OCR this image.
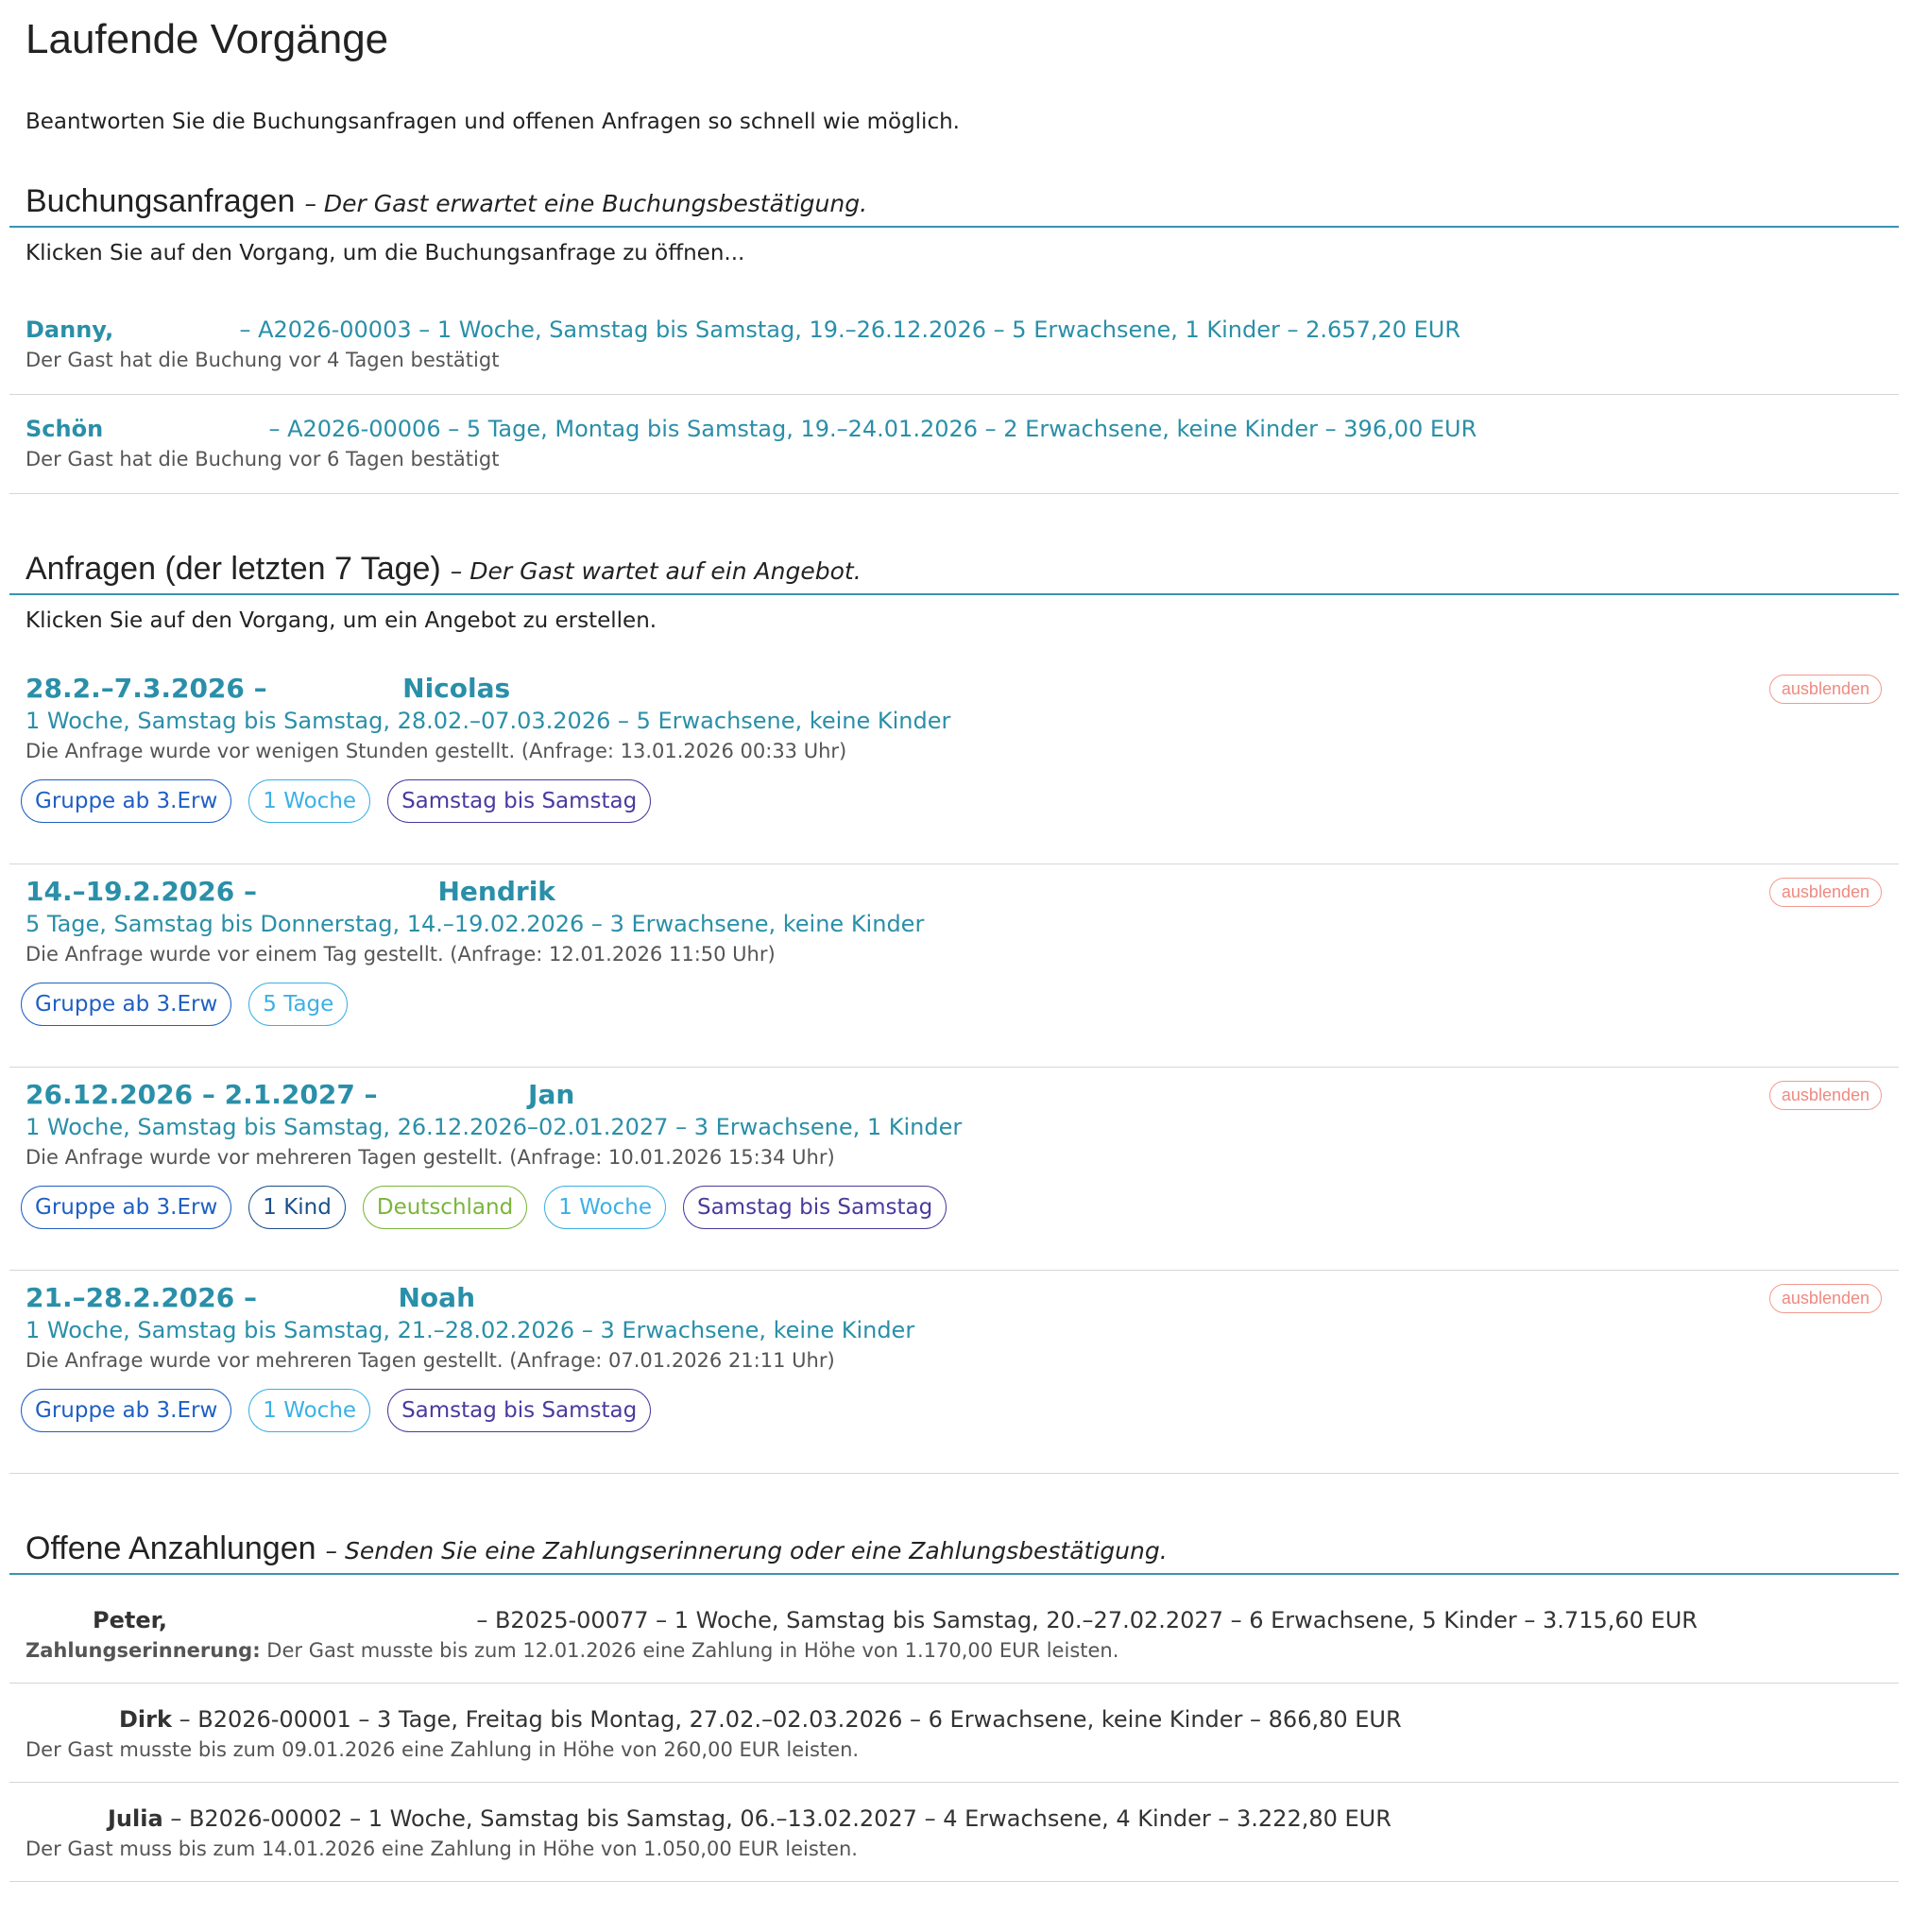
Laufende Vorgänge
Beantworten Sie die Buchungsanfragen und offenen Anfragen so schnell wie möglich.
Buchungsanfragen – Der Gast erwartet eine Buchungsbestätigung.
Klicken Sie auf den Vorgang, um die Buchungsanfrage zu öffnen...
Danny,	– A2026-00003 – 1 Woche, Samstag bis Samstag, 19.–26.12.2026 – 5 Erwachsene, 1 Kinder – 2.657,20 EUR
Der Gast hat die Buchung vor 4 Tagen bestätigt
Schön	– A2026-00006 – 5 Tage, Montag bis Samstag, 19.–24.01.2026 – 2 Erwachsene, keine Kinder – 396,00 EUR
Der Gast hat die Buchung vor 6 Tagen bestätigt
Anfragen (der letzten 7 Tage) – Der Gast wartet auf ein Angebot.
Klicken Sie auf den Vorgang, um ein Angebot zu erstellen.
ausblenden
28.2.–7.3.2026 –	Nicolas
1 Woche, Samstag bis Samstag, 28.02.–07.03.2026 – 5 Erwachsene, keine Kinder
Die Anfrage wurde vor wenigen Stunden gestellt. (Anfrage: 13.01.2026 00:33 Uhr)
Gruppe ab 3.Erw	1 Woche	Samstag bis Samstag
ausblenden
14.–19.2.2026 –	Hendrik
5 Tage, Samstag bis Donnerstag, 14.–19.02.2026 – 3 Erwachsene, keine Kinder
Die Anfrage wurde vor einem Tag gestellt. (Anfrage: 12.01.2026 11:50 Uhr)
Gruppe ab 3.Erw	5 Tage
ausblenden
26.12.2026 – 2.1.2027 –	Jan
1 Woche, Samstag bis Samstag, 26.12.2026–02.01.2027 – 3 Erwachsene, 1 Kinder
Die Anfrage wurde vor mehreren Tagen gestellt. (Anfrage: 10.01.2026 15:34 Uhr)
Gruppe ab 3.Erw	1 Kind	Deutschland	1 Woche	Samstag bis Samstag
ausblenden
21.–28.2.2026 –	Noah
1 Woche, Samstag bis Samstag, 21.–28.02.2026 – 3 Erwachsene, keine Kinder
Die Anfrage wurde vor mehreren Tagen gestellt. (Anfrage: 07.01.2026 21:11 Uhr)
Gruppe ab 3.Erw	1 Woche	Samstag bis Samstag
Offene Anzahlungen – Senden Sie eine Zahlungserinnerung oder eine Zahlungsbestätigung.
Peter,	– B2025-00077 – 1 Woche, Samstag bis Samstag, 20.–27.02.2027 – 6 Erwachsene, 5 Kinder – 3.715,60 EUR
Zahlungserinnerung: Der Gast musste bis zum 12.01.2026 eine Zahlung in Höhe von 1.170,00 EUR leisten.
Dirk – B2026-00001 – 3 Tage, Freitag bis Montag, 27.02.–02.03.2026 – 6 Erwachsene, keine Kinder – 866,80 EUR
Der Gast musste bis zum 09.01.2026 eine Zahlung in Höhe von 260,00 EUR leisten.
Julia – B2026-00002 – 1 Woche, Samstag bis Samstag, 06.–13.02.2027 – 4 Erwachsene, 4 Kinder – 3.222,80 EUR
Der Gast muss bis zum 14.01.2026 eine Zahlung in Höhe von 1.050,00 EUR leisten.
